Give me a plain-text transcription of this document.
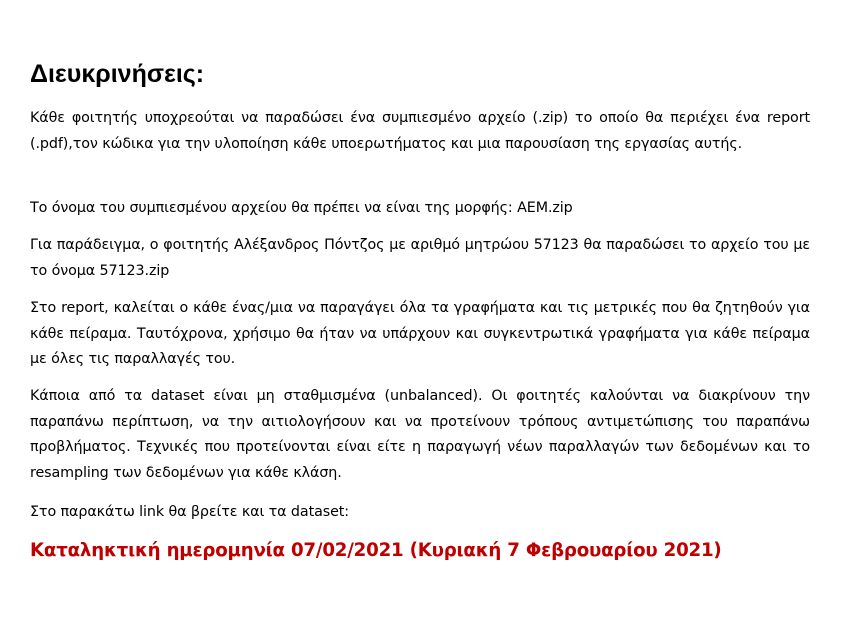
Διευκρινήσεις:

Κάθε φοιτητής υποχρεούται να παραδώσει ένα συμπιεσμένο αρχείο (.zip) το οποίο θα περιέχει ένα report (.pdf),τον κώδικα για την υλοποίηση κάθε υποερωτήματος και μια παρουσίαση της εργασίας αυτής.

Το όνομα του συμπιεσμένου αρχείου θα πρέπει να είναι της μορφής: AEM.zip

Για παράδειγμα, ο φοιτητής Αλέξανδρος Πόντζος με αριθμό μητρώου 57123 θα παραδώσει το αρχείο του με το όνομα 57123.zip

Στο report, καλείται ο κάθε ένας/μια να παραγάγει όλα τα γραφήματα και τις μετρικές που θα ζητηθούν για κάθε πείραμα. Ταυτόχρονα, χρήσιμο θα ήταν να υπάρχουν και συγκεντρωτικά γραφήματα για κάθε πείραμα με όλες τις παραλλαγές του.

Κάποια από τα dataset είναι μη σταθμισμένα (unbalanced). Οι φοιτητές καλούνται να διακρίνουν την παραπάνω περίπτωση, να την αιτιολογήσουν και να προτείνουν τρόπους αντιμετώπισης του παραπάνω προβλήματος. Τεχνικές που προτείνονται είναι είτε η παραγωγή νέων παραλλαγών των δεδομένων και το resampling των δεδομένων για κάθε κλάση.

Στο παρακάτω link θα βρείτε και τα dataset:

Καταληκτική ημερομηνία 07/02/2021 (Κυριακή 7 Φεβρουαρίου 2021)
